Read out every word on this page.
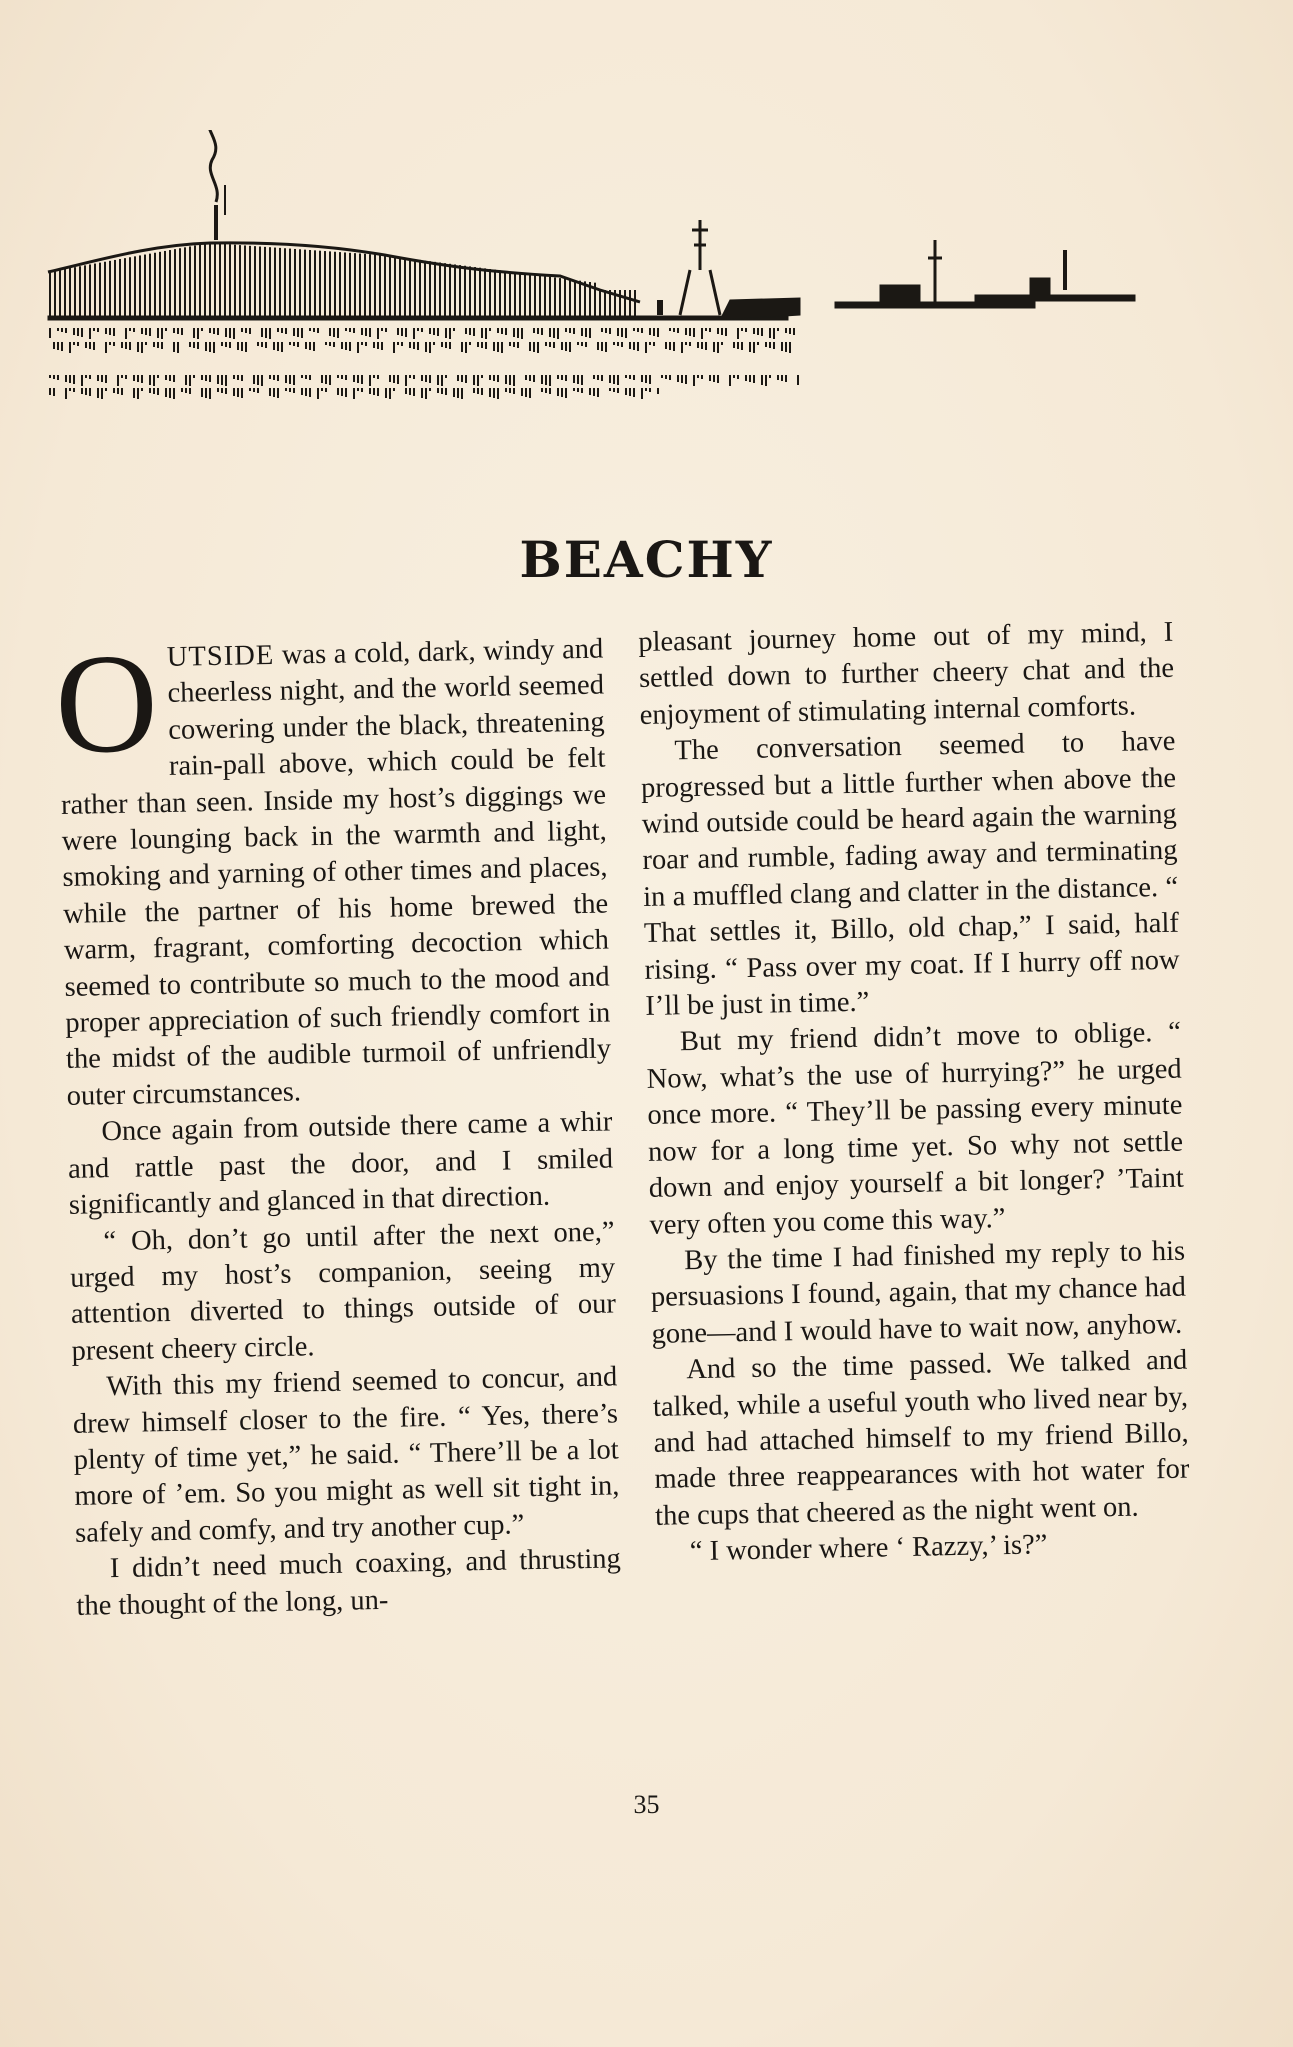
BEACHY

OUTSIDE was a cold, dark, windy and cheerless night, and the world seemed cowering under the black, threatening rain-pall above, which could be felt rather than seen. Inside my host’s diggings we were lounging back in the warmth and light, smoking and yarning of other times and places, while the partner of his home brewed the warm, fragrant, comforting decoction which seemed to contribute so much to the mood and proper appreciation of such friendly comfort in the midst of the audible turmoil of unfriendly outer circumstances.

Once again from outside there came a whir and rattle past the door, and I smiled significantly and glanced in that direction.

“ Oh, don’t go until after the next one,” urged my host’s companion, seeing my attention diverted to things outside of our present cheery circle.

With this my friend seemed to concur, and drew himself closer to the fire. “ Yes, there’s plenty of time yet,” he said. “ There’ll be a lot more of ’em. So you might as well sit tight in, safely and comfy, and try another cup.”

I didn’t need much coaxing, and thrusting the thought of the long, un-

pleasant journey home out of my mind, I settled down to further cheery chat and the enjoyment of stimulating internal comforts.

The conversation seemed to have progressed but a little further when above the wind outside could be heard again the warning roar and rumble, fading away and terminating in a muffled clang and clatter in the distance. “ That settles it, Billo, old chap,” I said, half rising. “ Pass over my coat. If I hurry off now I’ll be just in time.”

But my friend didn’t move to oblige. “ Now, what’s the use of hurrying?” he urged once more. “ They’ll be passing every minute now for a long time yet. So why not settle down and enjoy yourself a bit longer? ’Taint very often you come this way.”

By the time I had finished my reply to his persuasions I found, again, that my chance had gone—and I would have to wait now, anyhow.

And so the time passed. We talked and talked, while a useful youth who lived near by, and had attached himself to my friend Billo, made three reappearances with hot water for the cups that cheered as the night went on.

“ I wonder where ‘ Razzy,’ is?”

35
